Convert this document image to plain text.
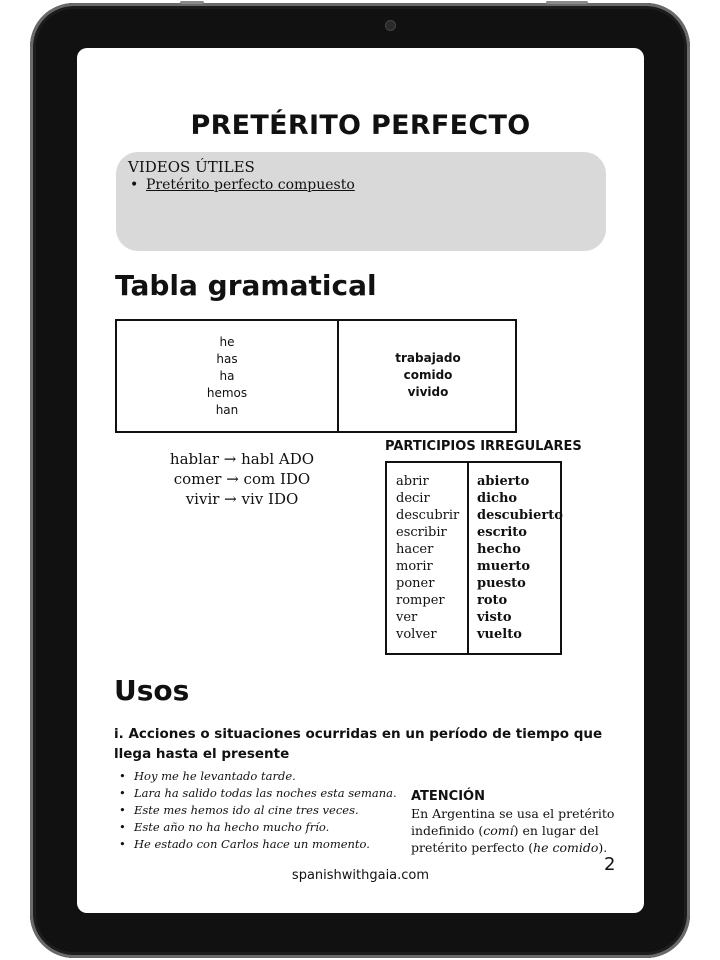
PRETÉRITO PERFECTO
VIDEOS ÚTILES
• Pretérito perfecto compuesto
Tabla gramatical
he
has
ha
hemos
han
trabajado
comido
vivido
hablar → habl ADO
comer → com IDO
vivir → viv IDO
PARTICIPIOS IRREGULARES
abrir
decir
descubrir
escribir
hacer
morir
poner
romper
ver
volver
abierto
dicho
descubierto
escrito
hecho
muerto
puesto
roto
visto
vuelto
Usos
i. Acciones o situaciones ocurridas en un período de tiempo que llega hasta el presente
• Hoy me he levantado tarde.
• Lara ha salido todas las noches esta semana.
• Este mes hemos ido al cine tres veces.
• Este año no ha hecho mucho frío.
• He estado con Carlos hace un momento.
ATENCIÓN
En Argentina se usa el pretérito indefinido (comí) en lugar del pretérito perfecto (he comido).
2
spanishwithgaia.com
